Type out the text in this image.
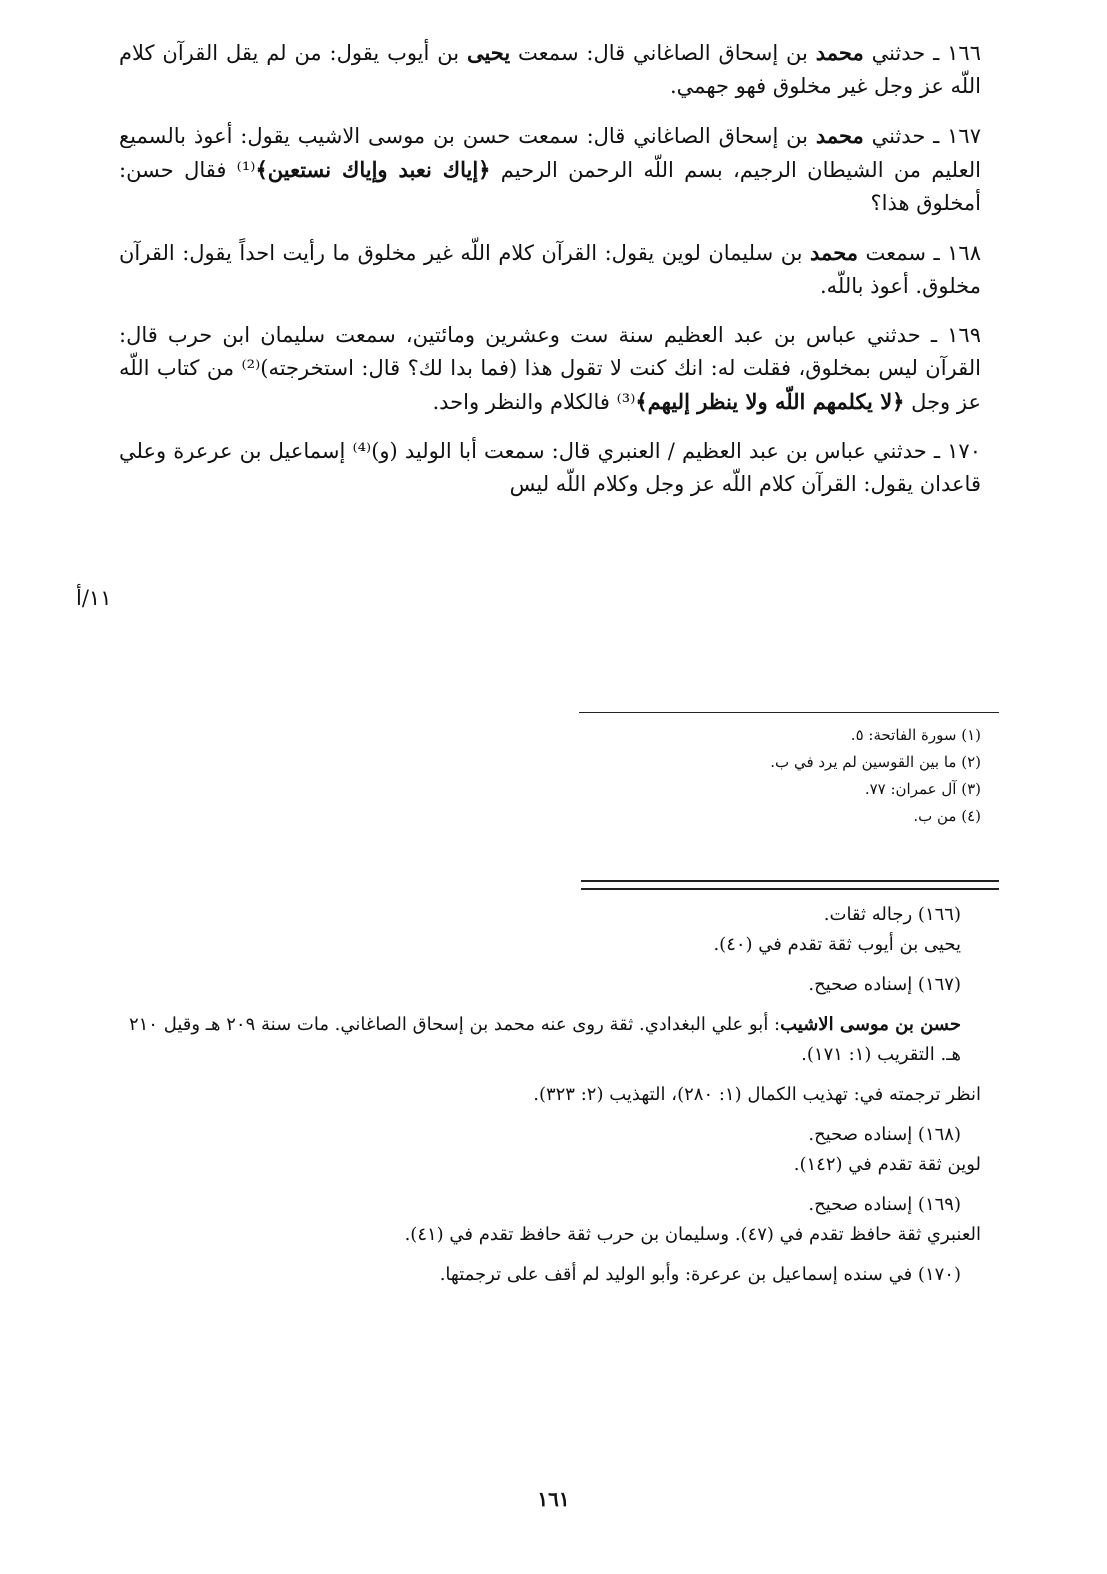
١٦٦ ـ حدثني محمد بن إسحاق الصاغاني قال: سمعت يحيى بن أيوب يقول: من لم يقل القرآن كلام اللّه عز وجل غير مخلوق فهو جهمي.

١٦٧ ـ حدثني محمد بن إسحاق الصاغاني قال: سمعت حسن بن موسى الاشيب يقول: أعوذ بالسميع العليم من الشيطان الرجيم، بسم اللّه الرحمن الرحيم ﴿إياك نعبد وإياك نستعين﴾⁽¹⁾ فقال حسن: أمخلوق هذا؟

١٦٨ ـ سمعت محمد بن سليمان لوين يقول: القرآن كلام اللّه غير مخلوق ما رأيت احداً يقول: القرآن مخلوق. أعوذ باللّه.

١٦٩ ـ حدثني عباس بن عبد العظيم سنة ست وعشرين ومائتين، سمعت سليمان ابن حرب قال: القرآن ليس بمخلوق، فقلت له: انك كنت لا تقول هذا (فما بدا لك؟ قال: استخرجته)⁽²⁾ من كتاب اللّه عز وجل ﴿لا يكلمهم اللّه ولا ينظر إليهم﴾⁽³⁾ فالكلام والنظر واحد.

١٧٠ ـ حدثني عباس بن عبد العظيم / العنبري قال: سمعت أبا الوليد (و)⁽⁴⁾ إسماعيل بن عرعرة وعلي قاعدان يقول: القرآن كلام اللّه عز وجل وكلام اللّه ليس

١١/أ
(١) سورة الفاتحة: ٥.
(٢) ما بين القوسين لم يرد في ب.
(٣) آل عمران: ٧٧.
(٤) من ب.
(١٦٦) رجاله ثقات.
يحيى بن أيوب ثقة تقدم في (٤٠).
(١٦٧) إسناده صحيح.
حسن بن موسى الاشيب: أبو علي البغدادي. ثقة روى عنه محمد بن إسحاق الصاغاني. مات سنة ٢٠٩ هـ وقيل ٢١٠ هـ. التقريب (١: ١٧١).
انظر ترجمته في: تهذيب الكمال (١: ٢٨٠)، التهذيب (٢: ٣٢٣).
(١٦٨) إسناده صحيح.
لوين ثقة تقدم في (١٤٢).
(١٦٩) إسناده صحيح.
العنبري ثقة حافظ تقدم في (٤٧). وسليمان بن حرب ثقة حافظ تقدم في (٤١).
(١٧٠) في سنده إسماعيل بن عرعرة: وأبو الوليد لم أقف على ترجمتها.
١٦١
